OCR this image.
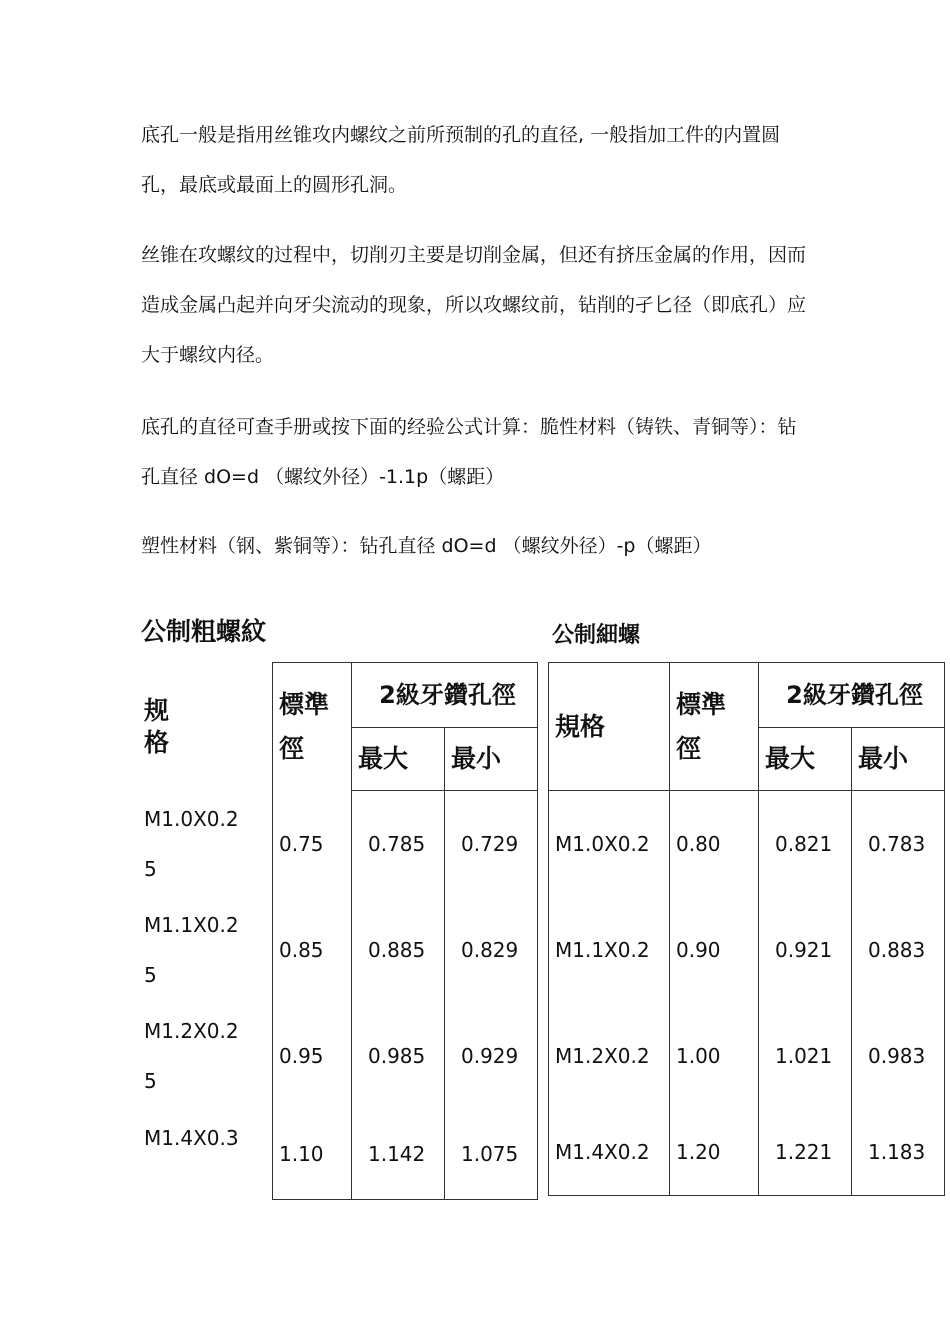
底孔一般是指用丝锥攻内螺纹之前所预制的孔的直径, 一般指加工件的内置圆孔，最底或最面上的圆形孔洞。

丝锥在攻螺纹的过程中，切削刃主要是切削金属，但还有挤压金属的作用，因而造成金属凸起并向牙尖流动的现象，所以攻螺纹前，钻削的孑匕径（即底孔）应大于螺纹内径。

底孔的直径可查手册或按下面的经验公式计算：脆性材料（铸铁、青铜等）：钻孔直径 dO=d （螺纹外径）-1.1p（螺距）

塑性材料（钢、紫铜等）：钻孔直径 dO=d （螺纹外径）-p（螺距）

公制粗螺紋	公制細螺
规格	標準徑	2級牙鑽孔徑	
		最大	最小

M1.0X0.25	0.75	0.785	0.729

M1.1X0.25	0.85	0.885	0.829

M1.2X0.25	0.95	0.985	0.929
M1.4X0.3	1.10	1.142	1.075
規格	標準徑	2級牙鑽孔徑	
		最大	最小
M1.0X0.2	0.80	0.821	0.783
M1.1X0.2	0.90	0.921	0.883
M1.2X0.2	1.00	1.021	0.983
M1.4X0.2	1.20	1.221	1.183
